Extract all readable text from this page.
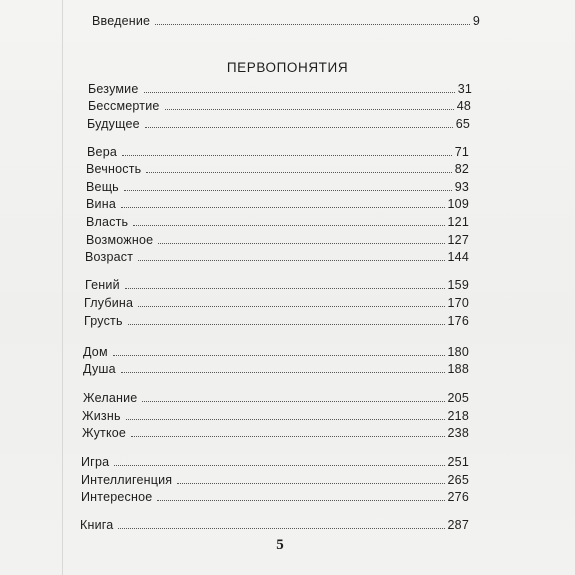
Введение	9
ПЕРВОПОНЯТИЯ
Безумие	31
Бессмертие	48
Будущее	65
Вера	71
Вечность	82
Вещь	93
Вина	109
Власть	121
Возможное	127
Возраст	144
Гений	159
Глубина	170
Грусть	176
Дом	180
Душа	188
Желание	205
Жизнь	218
Жуткое	238
Игра	251
Интеллигенция	265
Интересное	276
Книга	287
5
